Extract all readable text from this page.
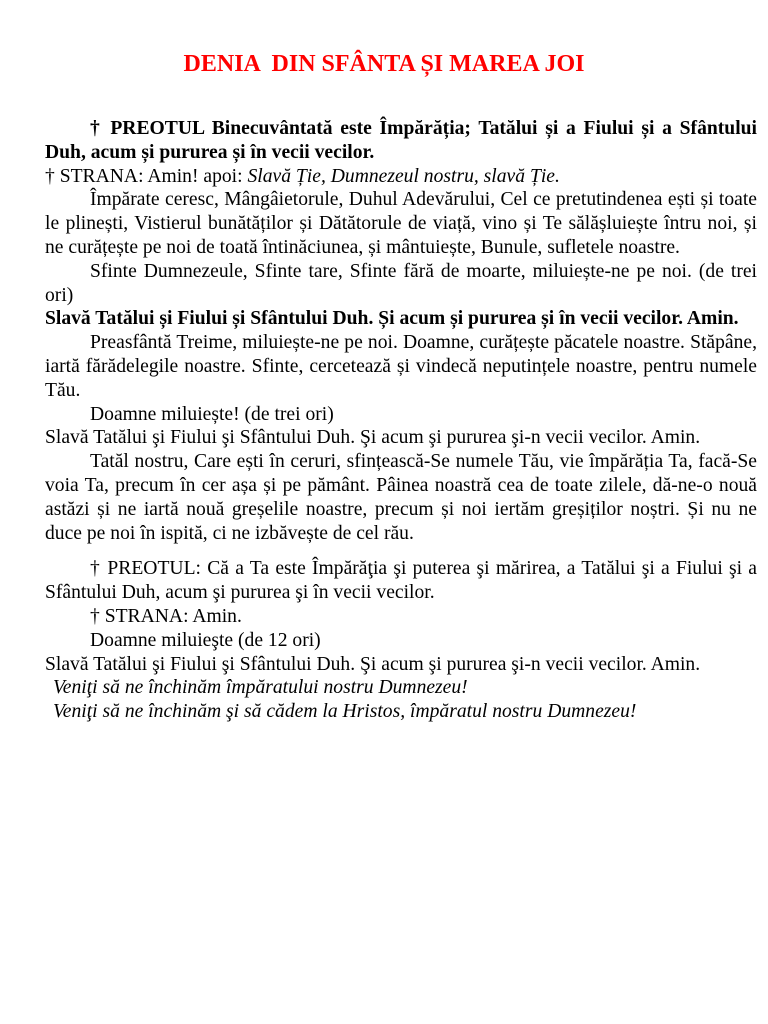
DENIA  DIN SFÂNTA ȘI MAREA JOI

† PREOTUL Binecuvântată este Împărăția; Tatălui și a Fiului și a Sfântului Duh, acum și pururea și în vecii vecilor.

† STRANA: Amin! apoi: Slavă Ție, Dumnezeul nostru, slavă Ție.

Împărate ceresc, Mângâietorule, Duhul Adevărului, Cel ce pretutindenea ești și toate le plinești, Vistierul bunătăților și Dătătorule de viață, vino și Te sălășluiește întru noi, și ne curățește pe noi de toată întinăciunea, și mântuiește, Bunule, sufletele noastre.

Sfinte Dumnezeule, Sfinte tare, Sfinte fără de moarte, miluiește-ne pe noi. (de trei ori)

Slavă Tatălui și Fiului și Sfântului Duh. Și acum și pururea și în vecii vecilor. Amin.

Preasfântă Treime, miluiește-ne pe noi. Doamne, curățește păcatele noastre. Stăpâne, iartă fărădelegile noastre. Sfinte, cercetează și vindecă neputințele noastre, pentru numele Tău.

Doamne miluiește! (de trei ori)

Slavă Tatălui şi Fiului şi Sfântului Duh. Şi acum şi pururea şi-n vecii vecilor. Amin.

Tatăl nostru, Care ești în ceruri, sfințească-Se numele Tău, vie împărăția Ta, facă-Se voia Ta, precum în cer așa și pe pământ. Pâinea noastră cea de toate zilele, dă-ne-o nouă astăzi și ne iartă nouă greșelile noastre, precum și noi iertăm greșiților noștri. Și nu ne duce pe noi în ispită, ci ne izbăvește de cel rău.

† PREOTUL: Că a Ta este Împărăţia şi puterea şi mărirea, a Tatălui şi a Fiului şi a Sfântului Duh, acum şi pururea şi în vecii vecilor.

† STRANA: Amin.

Doamne miluieşte (de 12 ori)

Slavă Tatălui şi Fiului şi Sfântului Duh. Şi acum şi pururea şi-n vecii vecilor. Amin.

Veniţi să ne închinăm împăratului nostru Dumnezeu!

Veniţi să ne închinăm şi să cădem la Hristos, împăratul nostru Dumnezeu!
